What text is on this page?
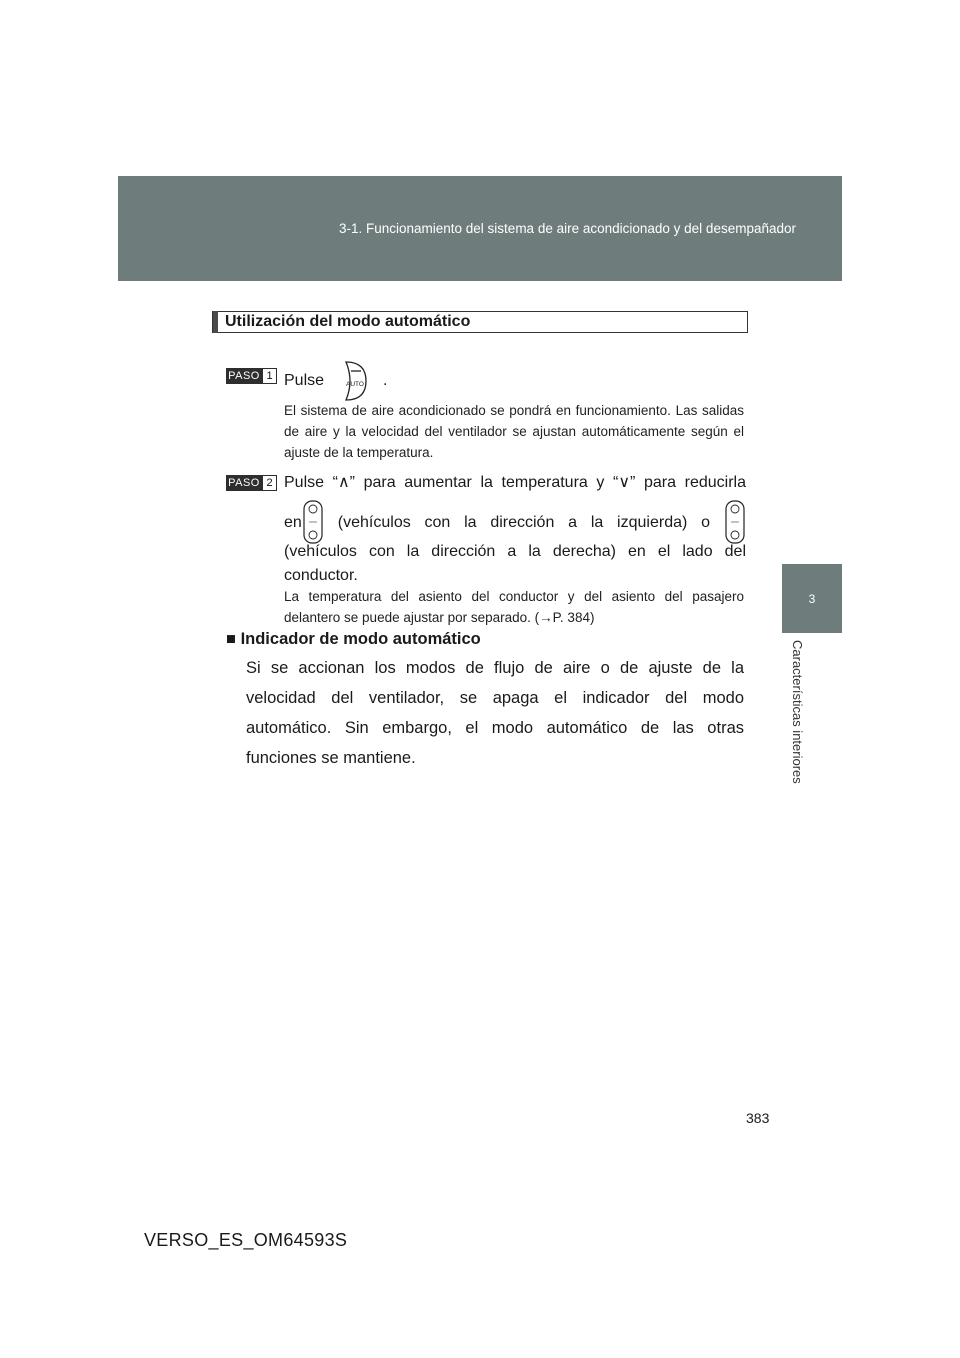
3-1. Funcionamiento del sistema de aire acondicionado y del desempañador
3
Características interiores
Utilización del modo automático
PASO 1 Pulse	AUTO .
El sistema de aire acondicionado se pondrá en funcionamiento. Las salidas de aire y la velocidad del ventilador se ajustan automáticamente según el ajuste de la temperatura.
PASO 2 Pulse “∧” para aumentar la temperatura y “∨” para reducirla
en (vehículos con la dirección a la izquierda) o
(vehículos con la dirección a la derecha) en el lado del conductor.
La temperatura del asiento del conductor y del asiento del pasajero delantero se puede ajustar por separado. (→P. 384)
■ Indicador de modo automático
Si se accionan los modos de flujo de aire o de ajuste de la velocidad del ventilador, se apaga el indicador del modo automático. Sin embargo, el modo automático de las otras funciones se mantiene.
383
VERSO_ES_OM64593S
